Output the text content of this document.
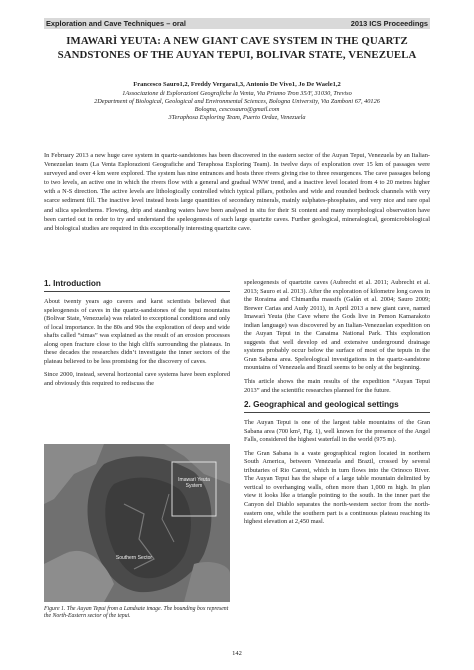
Exploration and Cave Techniques – oral	2013 ICS Proceedings
IMAWARÌ YEUTA: A NEW GIANT CAVE SYSTEM IN THE QUARTZ
SANDSTONES OF THE AUYAN TEPUI, BOLIVAR STATE, VENEZUELA
Francesco Sauro1,2, Freddy Vergara1,3, Antonio De Vivo1, Jo De Waele1,2
1Associazione di Esplorazioni Geografiche la Venta, Via Priamo Tron 35/F, 31030, Treviso
2Department of Biological, Geological and Environmental Sciences, Bologna University, Via Zamboni 67, 40126
Bologna, cescosauro@gmail.com
3Teraphosa Exploring Team, Puerto Ordaz, Venezuela
In February 2013 a new huge cave system in quartz-sandstones has been discovered in the eastern sector of the Auyan Tepui, Venezuela by an Italian-Venezuelan team (La Venta Esplorazioni Geografiche and Teraphosa Exploring Team). In twelve days of exploration over 15 km of passages were surveyed and over 4 km were explored. The system has nine entrances and hosts three rivers giving rise to three resurgences. The cave passages belong to two levels, an active one in which the rivers flow with a general and gradual WNW trend, and a inactive level located from 4 to 20 metres higher with a N-S direction. The active levels are lithologically controlled which typical pillars, potholes and wide and rounded bedrock channels with very scarce sediment fill. The inactive level instead hosts large quantities of secondary minerals, mainly sulphates-phosphates, and very nice and rare opal and silica speleothems. Flowing, drip and standing waters have been analysed in situ for their Si content and many morphological observation have been carried out in order to try and understand the speleogenesis of such large quartzite caves. Further geological, mineralogical, geomicrobiological and biological studies are required in this exceptionally interesting quartzite cave.
1. Introduction

About twenty years ago cavers and karst scientists believed that speleogenesis of caves in the quartz-sandstones of the tepui mountains (Bolivar State, Venezuela) was related to exceptional conditions and only of local importance. In the 80s and 90s the exploration of deep and wide shafts called “simas” was explained as the result of an erosion processes along open fracture close to the high cliffs surrounding the plateaus. In these decades the researches didn’t investigate the inner sectors of the plateau believed to be less promising for the discovery of caves.

Since 2000, instead, several horizontal cave systems have been explored and obviously this required to rediscuss the

Imawarì Yeuta System
Southern Sector
Figure 1. The Auyan Tepui from a Landsate image. The bounding box represent the North-Eastern sector of the tepui.

speleogenesis of quartzite caves (Aubrecht et al. 2011; Aubrecht et al. 2013; Sauro et al. 2013). After the exploration of kilometre long caves in the Roraima and Chimantha massifs (Galán et al. 2004; Sauro 2009; Brewer Carias and Audy 2011), in April 2013 a new giant cave, named Imawarì Yeuta (the Cave where the Gods live in Pemon Kamarakoto indian language) was discovered by an Italian-Venezuelan expedition on the Auyan Tepui in the Canaima National Park. This exploration suggests that well develop ed and extensive underground drainage systems probably occur below the surface of most of the tepuis in the Gran Sabana area. Speleological investigations in the quartz-sandstone mountains of Venezuela and Brazil seems to be only at the beginning.

This article shows the main results of the expedition “Auyan Tepui 2013” and the scientific researches planned for the future.

2. Geographical and geological settings

The Auyan Tepui is one of the largest table mountains of the Gran Sabana area (700 km², Fig. 1), well known for the presence of the Angel Falls, considered the highest waterfall in the world (975 m).

The Gran Sabana is a vaste geographical region located in northern South America, between Venezuela and Brazil, crossed by several tributaries of Rio Caroni, which in turn flows into the Orinoco River. The Auyan Tepui has the shape of a large table mountain delimited by vertical to overhanging walls, often more than 1,000 m high. In plan view it looks like a triangle pointing to the south. In the inner part the Canyon del Diablo separates the north-western sector from the north-eastern one, while the southern part is a continuous plateau reaching its highest elevation at 2,450 masl.

142
